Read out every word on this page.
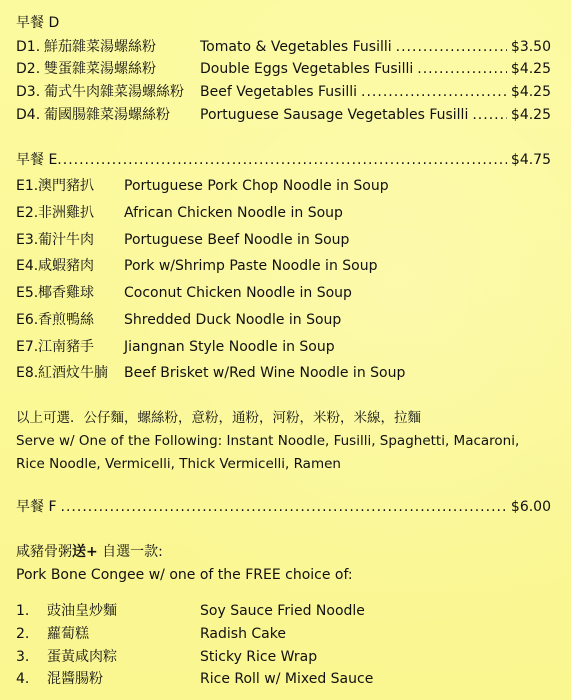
早餐 D
D1. 鮮茄雜菜湯螺絲粉	Tomato & Vegetables Fusilli .....	$3.50
D2. 雙蛋雜菜湯螺絲粉	Double Eggs Vegetables Fusilli .....	$4.25
D3. 葡式牛肉雜菜湯螺絲粉 Beef Vegetables Fusilli .....	$4.25
D4. 葡國腸雜菜湯螺絲粉 Portuguese Sausage Vegetables Fusilli .....	$4.25
早餐 E .....	$4.75
E1. 澳門豬扒 Portuguese Pork Chop Noodle in Soup
E2. 非洲雞扒 African Chicken Noodle in Soup
E3. 葡汁牛肉 Portuguese Beef Noodle in Soup
E4. 咸蝦豬肉 Pork w/Shrimp Paste Noodle in Soup
E5. 椰香雞球 Coconut Chicken Noodle in Soup
E6. 香煎鴨絲 Shredded Duck Noodle in Soup
E7. 江南豬手 Jiangnan Style Noodle in Soup
E8. 紅酒炆牛腩 Beef Brisket w/Red Wine Noodle in Soup
以上可選．公仔麵，螺絲粉，意粉，通粉，河粉，米粉，米線，拉麵
Serve w/ One of the Following: Instant Noodle, Fusilli, Spaghetti, Macaroni,
Rice Noodle, Vermicelli, Thick Vermicelli, Ramen
早餐 F .....	$6.00
咸豬骨粥送+ 自選一款:
Pork Bone Congee w/ one of the FREE choice of:
1. 豉油皇炒麵	Soy Sauce Fried Noodle
2. 蘿蔔糕	Radish Cake
3. 蛋黃咸肉粽	Sticky Rice Wrap
4. 混醬腸粉	Rice Roll w/ Mixed Sauce
